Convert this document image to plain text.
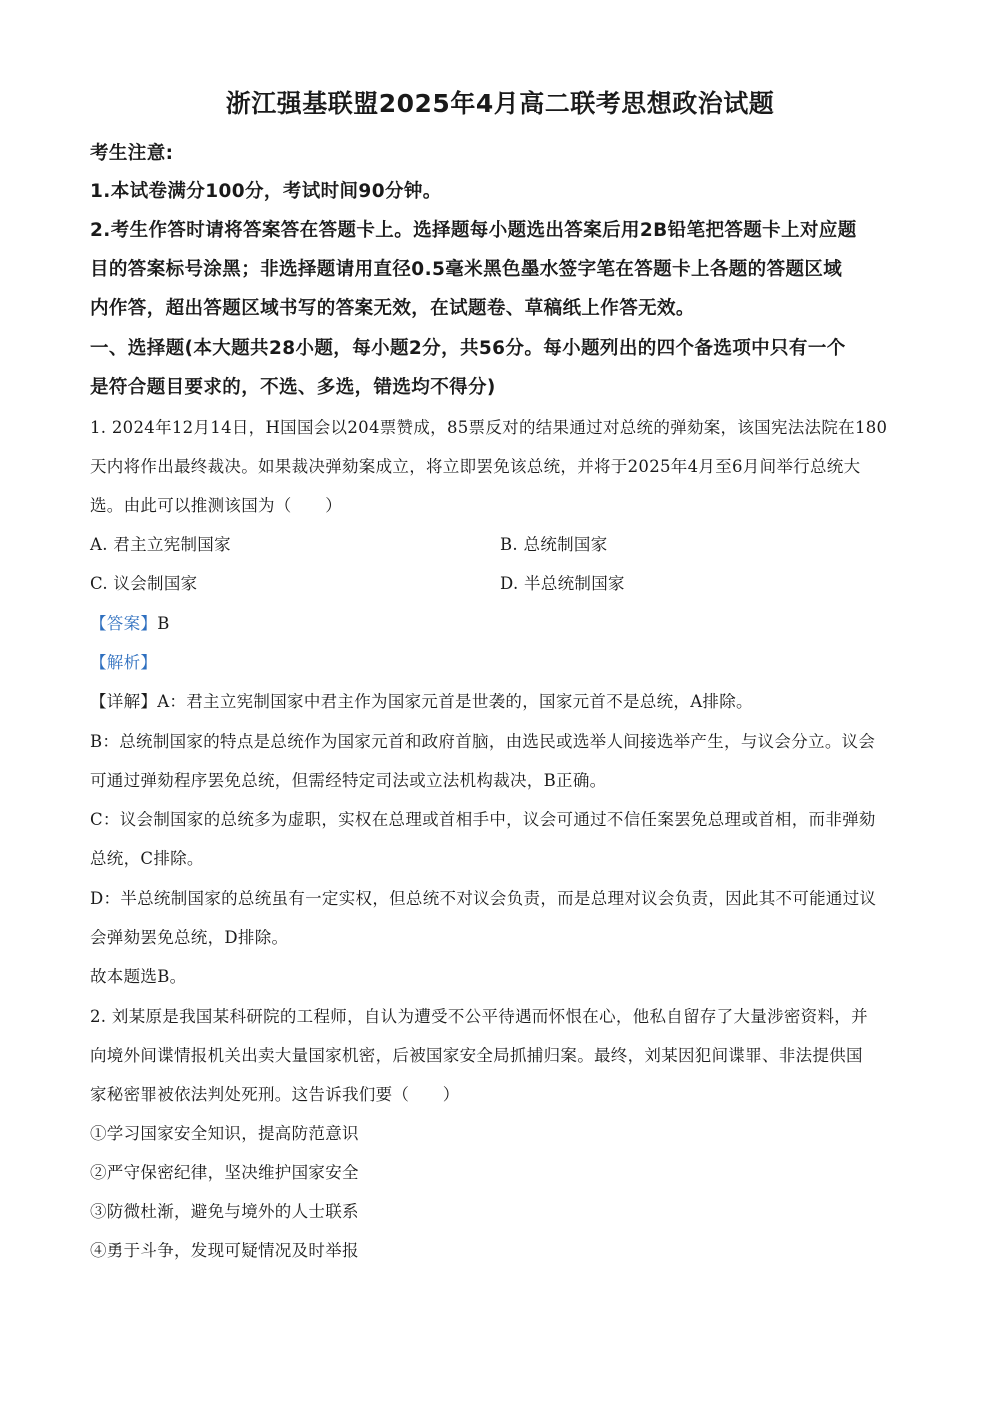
浙江强基联盟2025年4月高二联考思想政治试题
考生注意:
1.本试卷满分100分，考试时间90分钟。
2.考生作答时请将答案答在答题卡上。选择题每小题选出答案后用2B铅笔把答题卡上对应题
目的答案标号涂黑；非选择题请用直径0.5毫米黑色墨水签字笔在答题卡上各题的答题区域
内作答，超出答题区域书写的答案无效，在试题卷、草稿纸上作答无效。
一、选择题(本大题共28小题，每小题2分，共56分。每小题列出的四个备选项中只有一个
是符合题目要求的，不选、多选，错选均不得分)
1. 2024年12月14日，H国国会以204票赞成，85票反对的结果通过对总统的弹劾案，该国宪法法院在180
天内将作出最终裁决。如果裁决弹劾案成立，将立即罢免该总统，并将于2025年4月至6月间举行总统大
选。由此可以推测该国为（　　）
A. 君主立宪制国家	B. 总统制国家
C. 议会制国家	D. 半总统制国家
【答案】B
【解析】
【详解】A：君主立宪制国家中君主作为国家元首是世袭的，国家元首不是总统，A排除。
B：总统制国家的特点是总统作为国家元首和政府首脑，由选民或选举人间接选举产生，与议会分立。议会
可通过弹劾程序罢免总统，但需经特定司法或立法机构裁决，B正确。
C：议会制国家的总统多为虚职，实权在总理或首相手中，议会可通过不信任案罢免总理或首相，而非弹劾
总统，C排除。
D：半总统制国家的总统虽有一定实权，但总统不对议会负责，而是总理对议会负责，因此其不可能通过议
会弹劾罢免总统，D排除。
故本题选B。
2. 刘某原是我国某科研院的工程师，自认为遭受不公平待遇而怀恨在心，他私自留存了大量涉密资料，并
向境外间谍情报机关出卖大量国家机密，后被国家安全局抓捕归案。最终，刘某因犯间谍罪、非法提供国
家秘密罪被依法判处死刑。这告诉我们要（　　）
①学习国家安全知识，提高防范意识
②严守保密纪律，坚决维护国家安全
③防微杜渐，避免与境外的人士联系
④勇于斗争，发现可疑情况及时举报
